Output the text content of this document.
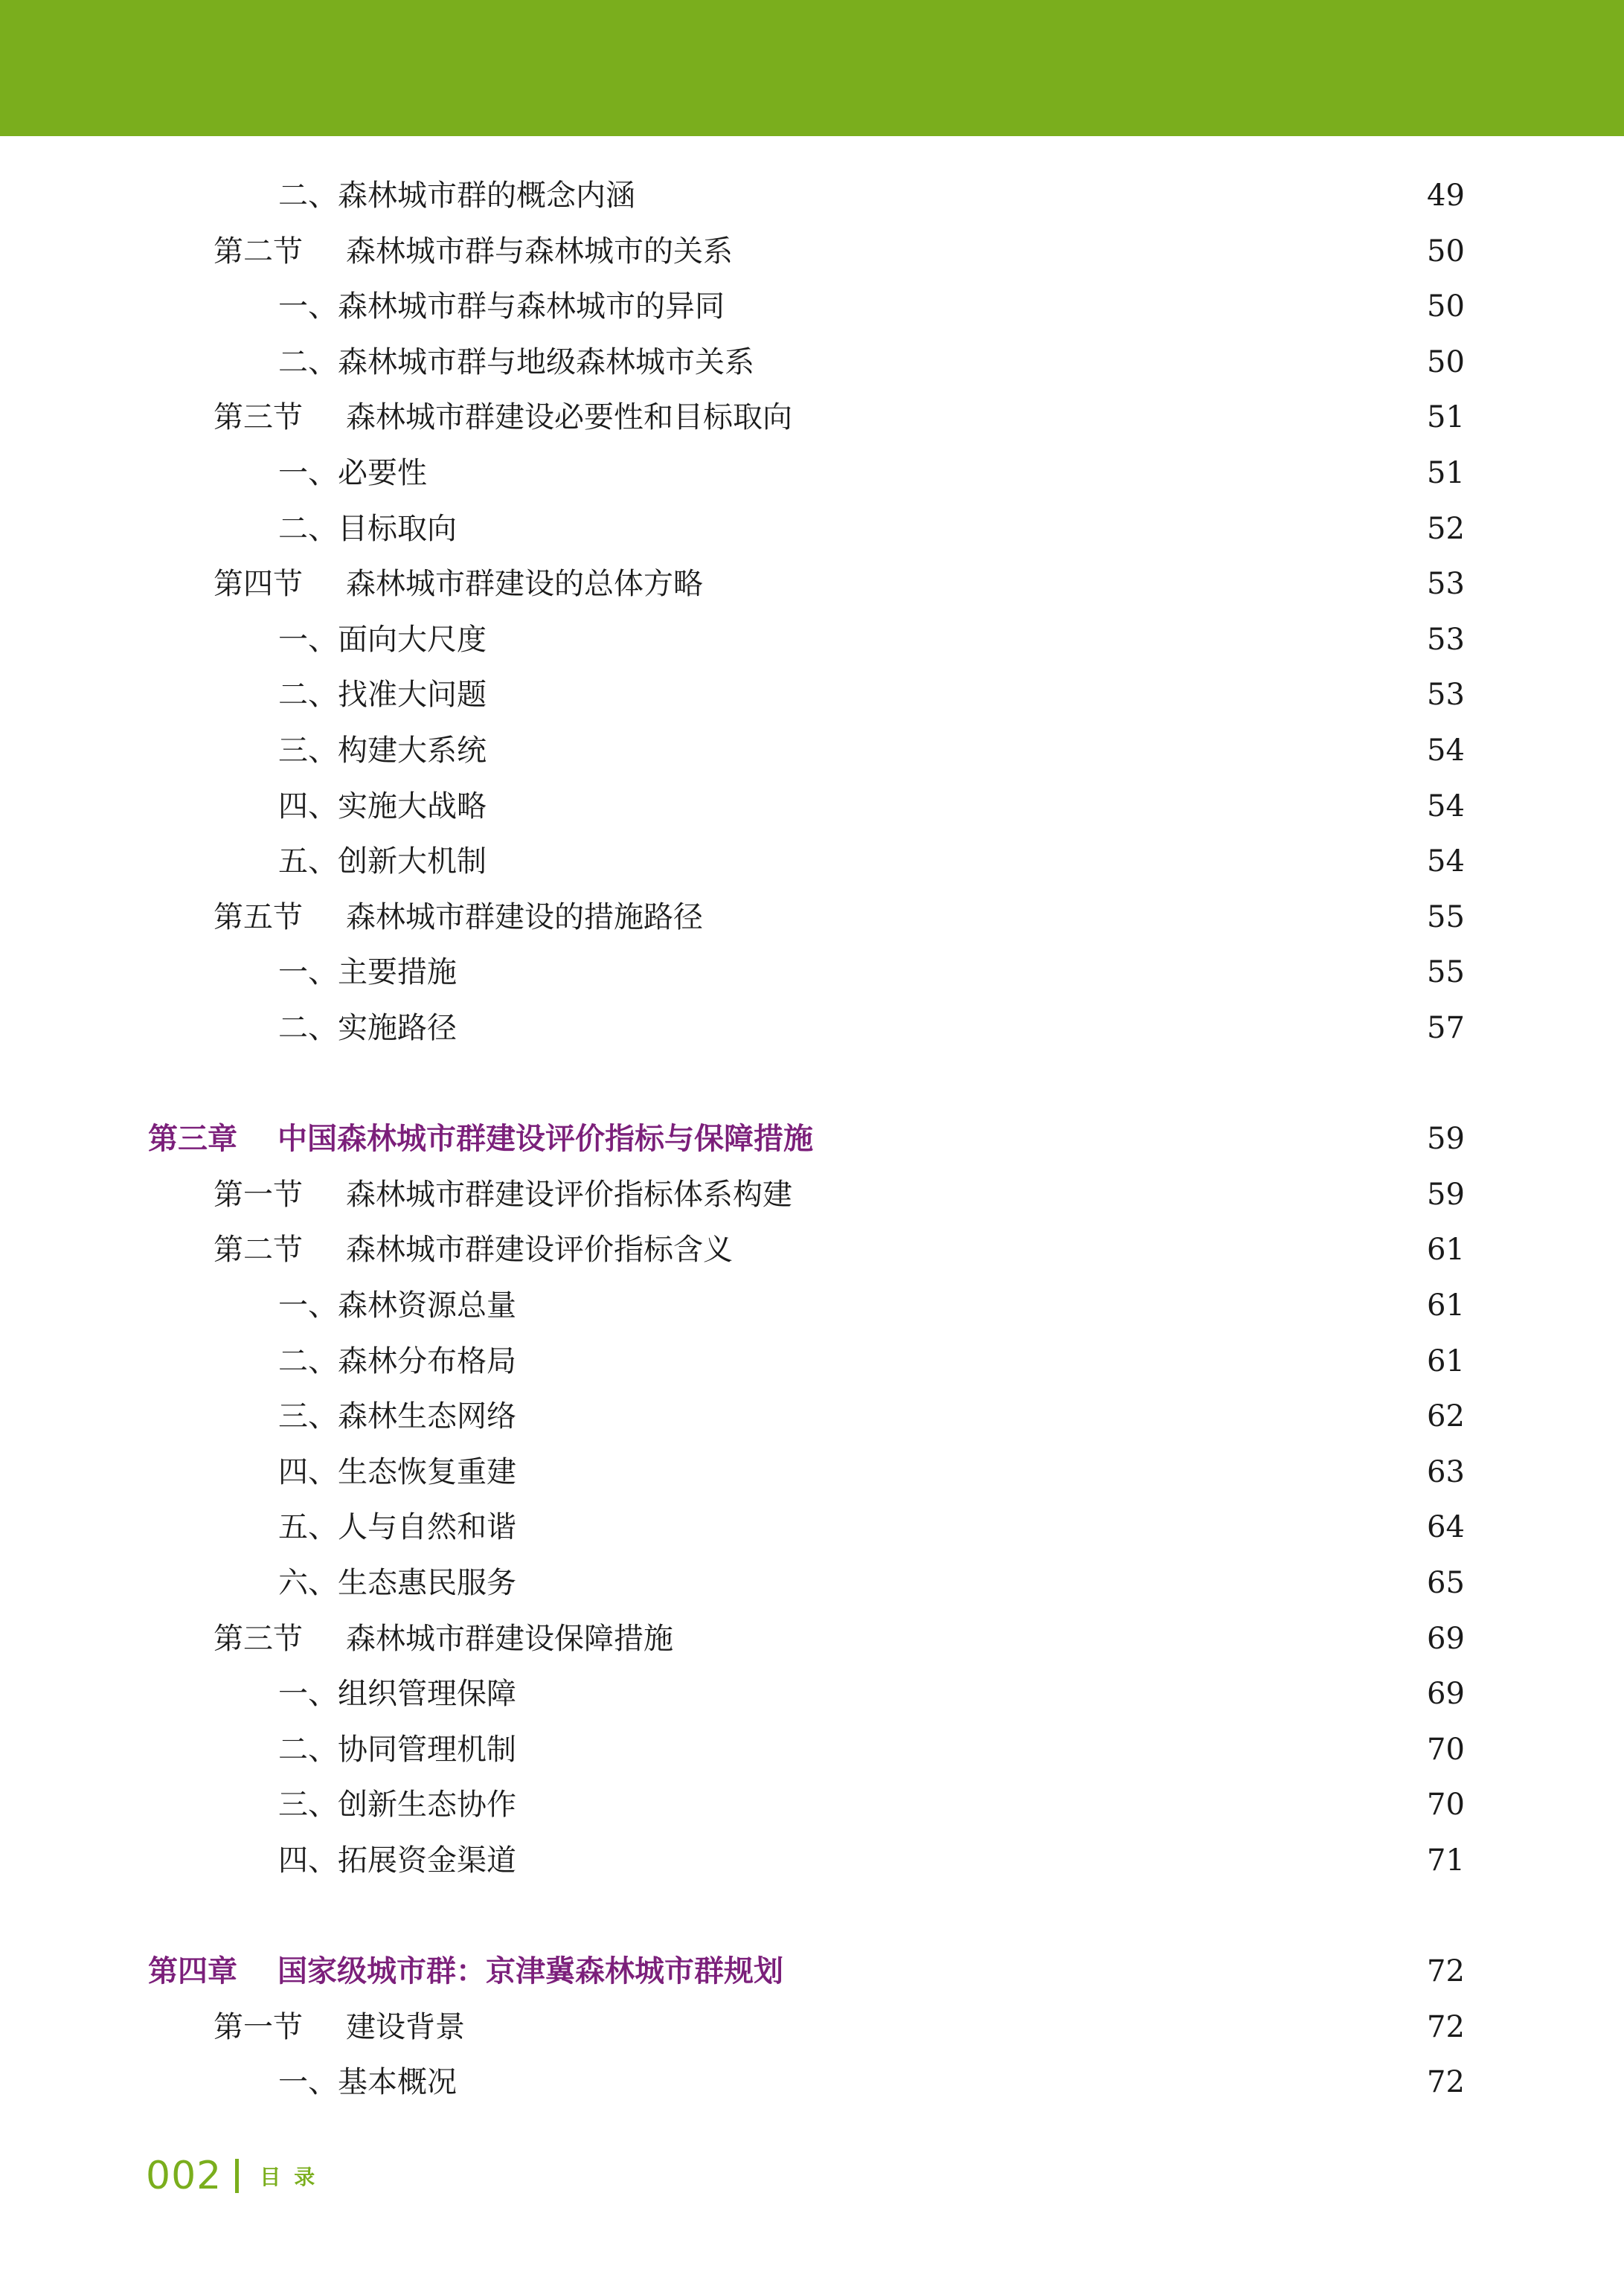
二、森林城市群的概念内涵	49
第二节	森林城市群与森林城市的关系	50
一、森林城市群与森林城市的异同	50
二、森林城市群与地级森林城市关系	50
第三节	森林城市群建设必要性和目标取向	51
一、必要性	51
二、目标取向	52
第四节	森林城市群建设的总体方略	53
一、面向大尺度	53
二、找准大问题	53
三、构建大系统	54
四、实施大战略	54
五、创新大机制	54
第五节	森林城市群建设的措施路径	55
一、主要措施	55
二、实施路径	57
第三章	中国森林城市群建设评价指标与保障措施	59
第一节	森林城市群建设评价指标体系构建	59
第二节	森林城市群建设评价指标含义	61
一、森林资源总量	61
二、森林分布格局	61
三、森林生态网络	62
四、生态恢复重建	63
五、人与自然和谐	64
六、生态惠民服务	65
第三节	森林城市群建设保障措施	69
一、组织管理保障	69
二、协同管理机制	70
三、创新生态协作	70
四、拓展资金渠道	71
第四章	国家级城市群：京津冀森林城市群规划	72
第一节	建设背景	72
一、基本概况	72
002 目录
